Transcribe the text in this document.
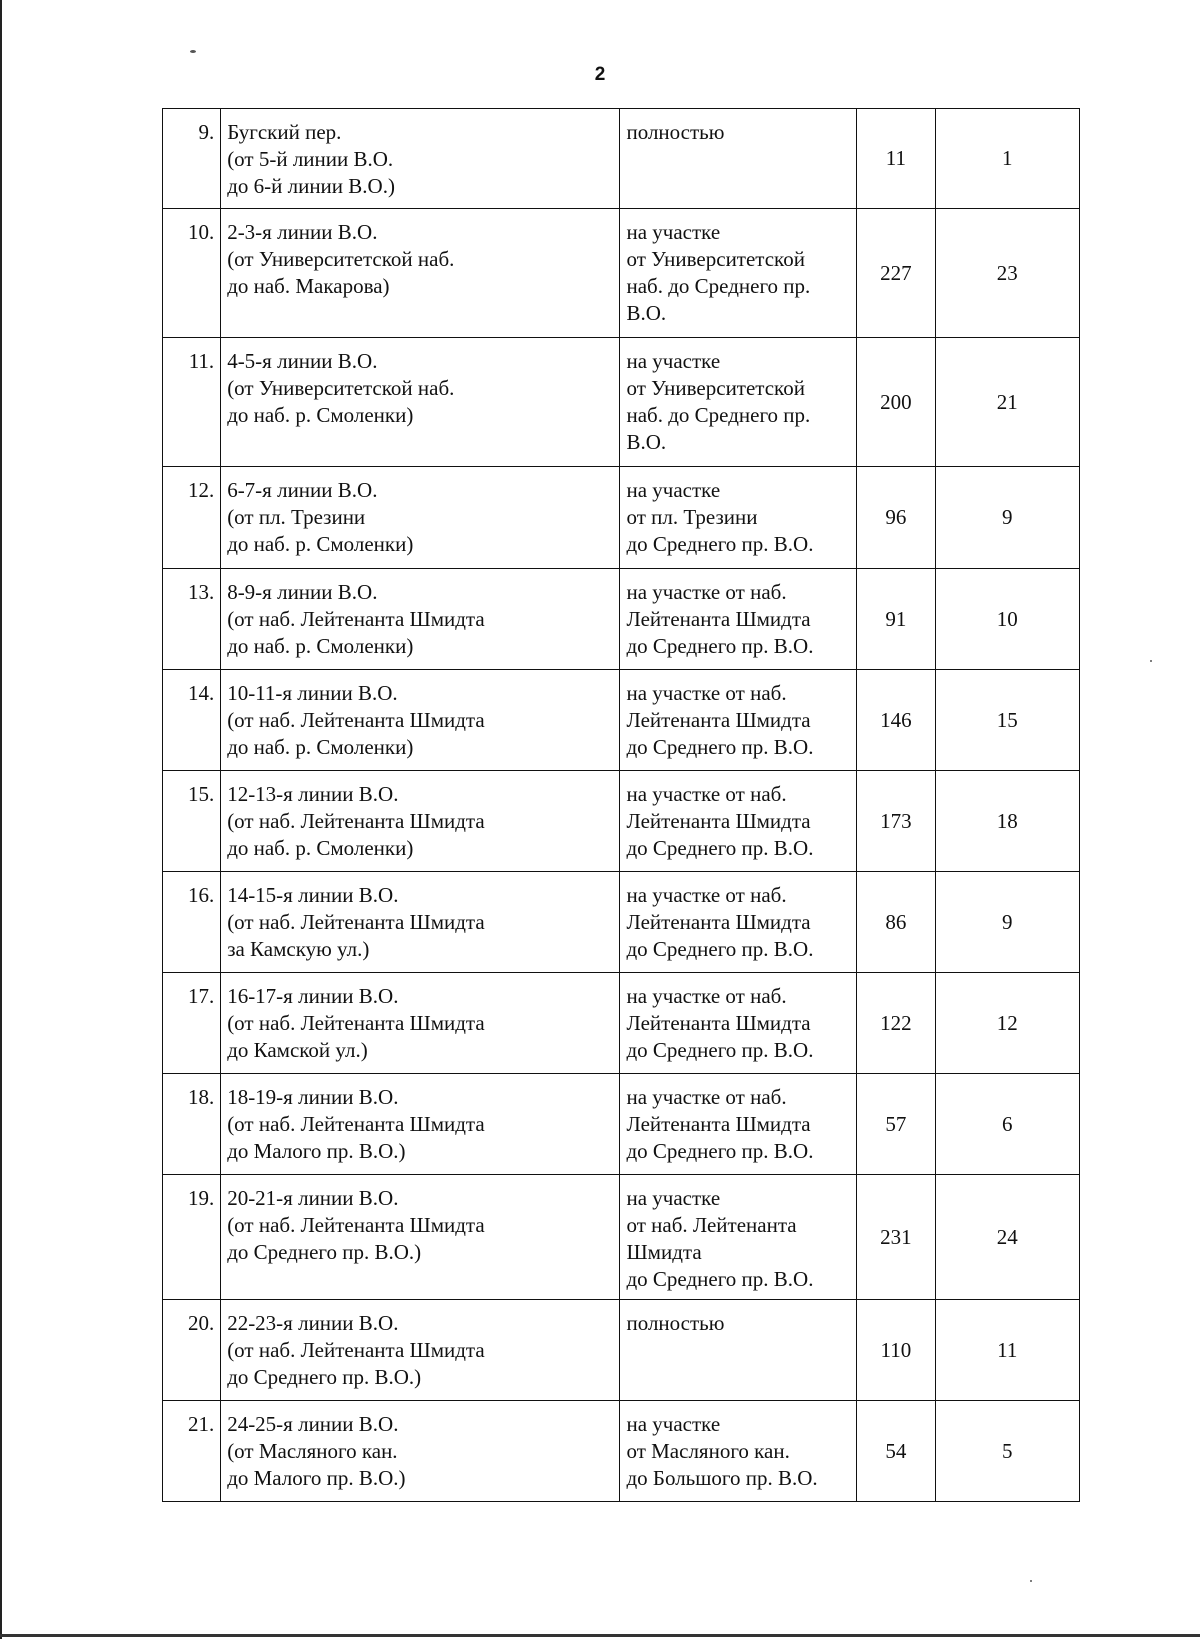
2
9.	Бугский пер.
(от 5-й линии В.О.
до 6-й линии В.О.)	полностью	11	1
10.	2-3-я линии В.О.
(от Университетской наб.
до наб. Макарова)	на участке
от Университетской
наб. до Среднего пр.
В.О.	227	23
11.	4-5-я линии В.О.
(от Университетской наб.
до наб. р. Смоленки)	на участке
от Университетской
наб. до Среднего пр.
В.О.	200	21
12.	6-7-я линии В.О.
(от пл. Трезини
до наб. р. Смоленки)	на участке
от пл. Трезини
до Среднего пр. В.О.	96	9
13.	8-9-я линии В.О.
(от наб. Лейтенанта Шмидта
до наб. р. Смоленки)	на участке от наб.
Лейтенанта Шмидта
до Среднего пр. В.О.	91	10
14.	10-11-я линии В.О.
(от наб. Лейтенанта Шмидта
до наб. р. Смоленки)	на участке от наб.
Лейтенанта Шмидта
до Среднего пр. В.О.	146	15
15.	12-13-я линии В.О.
(от наб. Лейтенанта Шмидта
до наб. р. Смоленки)	на участке от наб.
Лейтенанта Шмидта
до Среднего пр. В.О.	173	18
16.	14-15-я линии В.О.
(от наб. Лейтенанта Шмидта
за Камскую ул.)	на участке от наб.
Лейтенанта Шмидта
до Среднего пр. В.О.	86	9
17.	16-17-я линии В.О.
(от наб. Лейтенанта Шмидта
до Камской ул.)	на участке от наб.
Лейтенанта Шмидта
до Среднего пр. В.О.	122	12
18.	18-19-я линии В.О.
(от наб. Лейтенанта Шмидта
до Малого пр. В.О.)	на участке от наб.
Лейтенанта Шмидта
до Среднего пр. В.О.	57	6
19.	20-21-я линии В.О.
(от наб. Лейтенанта Шмидта
до Среднего пр. В.О.)	на участке
от наб. Лейтенанта
Шмидта
до Среднего пр. В.О.	231	24
20.	22-23-я линии В.О.
(от наб. Лейтенанта Шмидта
до Среднего пр. В.О.)	полностью	110	11
21.	24-25-я линии В.О.
(от Масляного кан.
до Малого пр. В.О.)	на участке
от Масляного кан.
до Большого пр. В.О.	54	5
